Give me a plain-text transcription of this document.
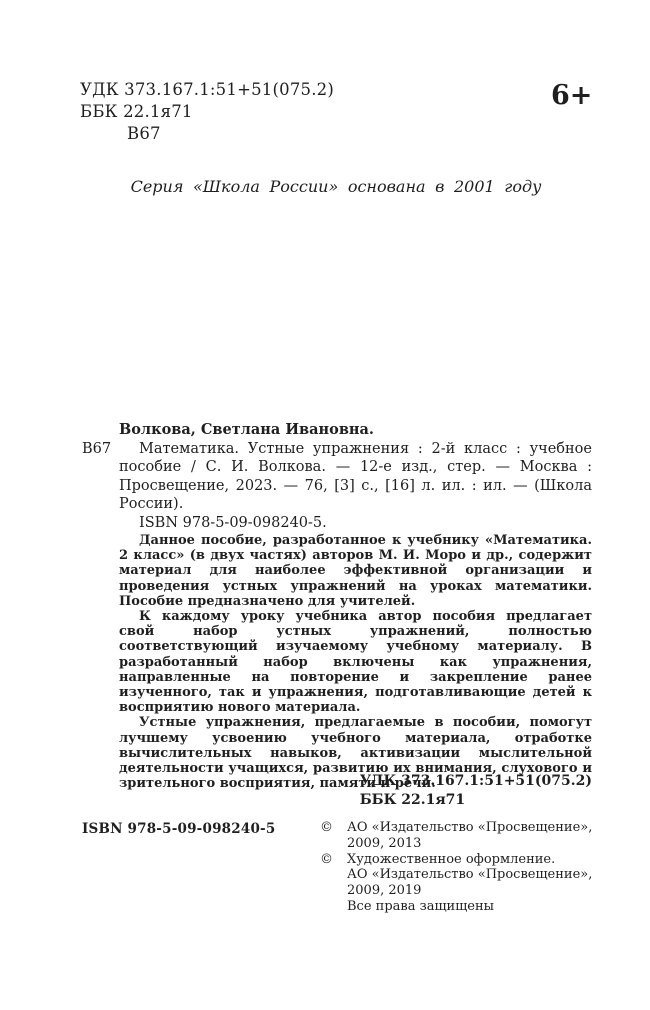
УДК 373.167.1:51+51(075.2)
ББК 22.1я71
В67
6+
Серия «Школа России» основана в 2001 году
В67
Волкова, Светлана Ивановна.

Математика. Устные упражнения : 2-й класс : учебное пособие / С. И. Волкова. — 12-е изд., стер. — Москва : Просвещение, 2023. — 76, [3] с., [16] л. ил. : ил. — (Школа России).

ISBN 978-5-09-098240-5.

Данное пособие, разработанное к учебнику «Математика. 2 класс» (в двух частях) авторов М. И. Моро и др., содержит материал для наиболее эффективной организации и проведения устных упражнений на уроках математики. Пособие предназначено для учителей.

К каждому уроку учебника автор пособия предлагает свой набор устных упражнений, полностью соответствующий изучаемому учебному материалу. В разработанный набор включены как упражнения, направленные на повторение и закрепление ранее изученного, так и упражнения, подготавливающие детей к восприятию нового материала.

Устные упражнения, предлагаемые в пособии, помогут лучшему усвоению учебного материала, отработке вычислительных навыков, активизации мыслительной деятельности учащихся, развитию их внимания, слухового и зрительного восприятия, памяти и речи.

УДК 373.167.1:51+51(075.2)
ББК 22.1я71
ISBN 978-5-09-098240-5	©	АО «Издательство «Просвещение»,
2009, 2013
©	Художественное оформление.
АО «Издательство «Просвещение»,
2009, 2019
Все права защищены
